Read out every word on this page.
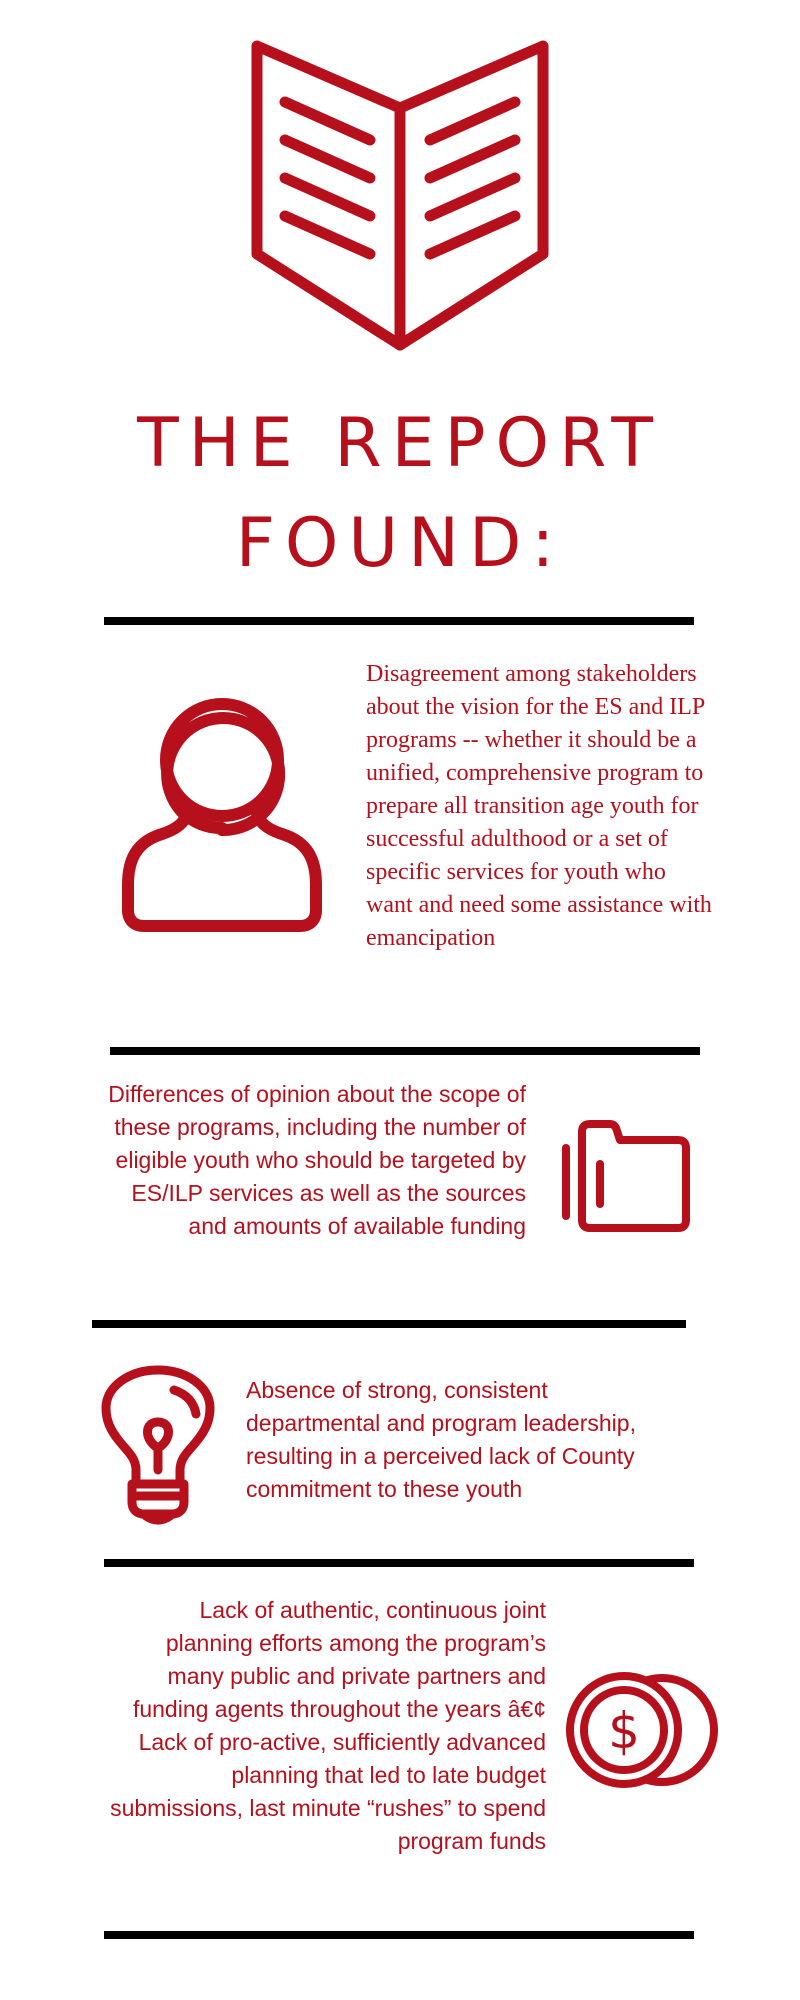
THE REPORT
FOUND:
Disagreement among stakeholders about the vision for the ES and ILP programs -- whether it should be a unified, comprehensive program to prepare all transition age youth for successful adulthood or a set of specific services for youth who want and need some assistance with emancipation
Differences of opinion about the scope of these programs, including the number of eligible youth who should be targeted by ES/ILP services as well as the sources and amounts of available funding
Absence of strong, consistent departmental and program leadership, resulting in a perceived lack of County commitment to these youth
Lack of authentic, continuous joint planning efforts among the program’s many public and private partners and funding agents throughout the years â€¢ Lack of pro-active, sufficiently advanced planning that led to late budget submissions, last minute “rushes” to spend program funds
$
